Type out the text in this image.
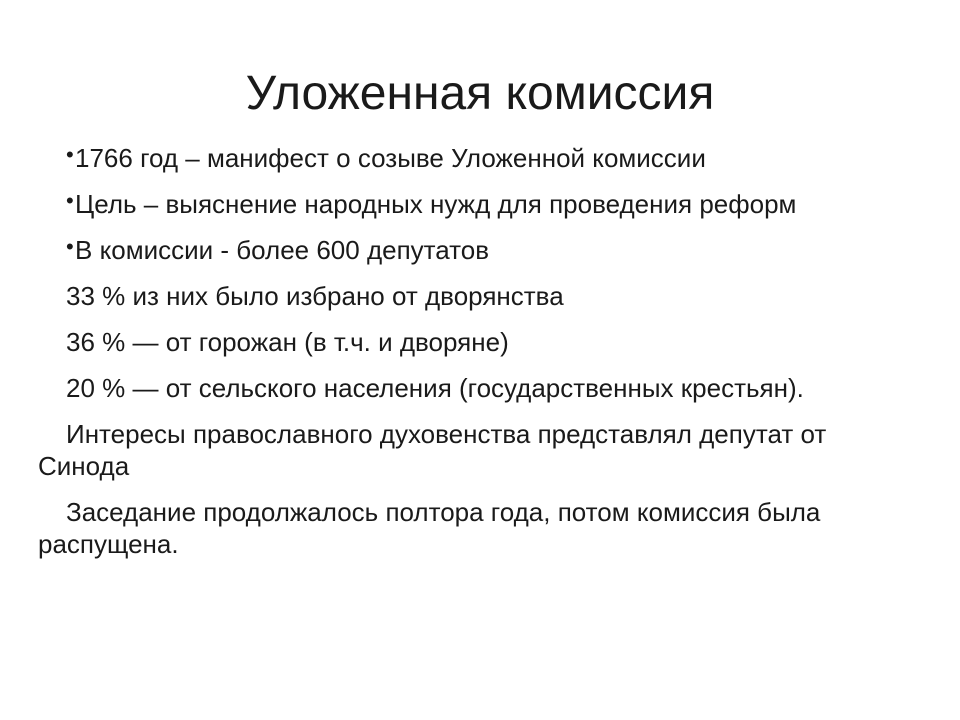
Уложенная комиссия

•1766 год – манифест о созыве Уложенной комиссии

•Цель – выяснение народных нужд для проведения реформ

•В комиссии - более 600 депутатов

33 % из них было избрано от дворянства

36 % — от горожан (в т.ч. и дворяне)

20 % — от сельского населения (государственных крестьян).

Интересы православного духовенства представлял депутат от Синода

Заседание продолжалось полтора года, потом комиссия была распущена.
